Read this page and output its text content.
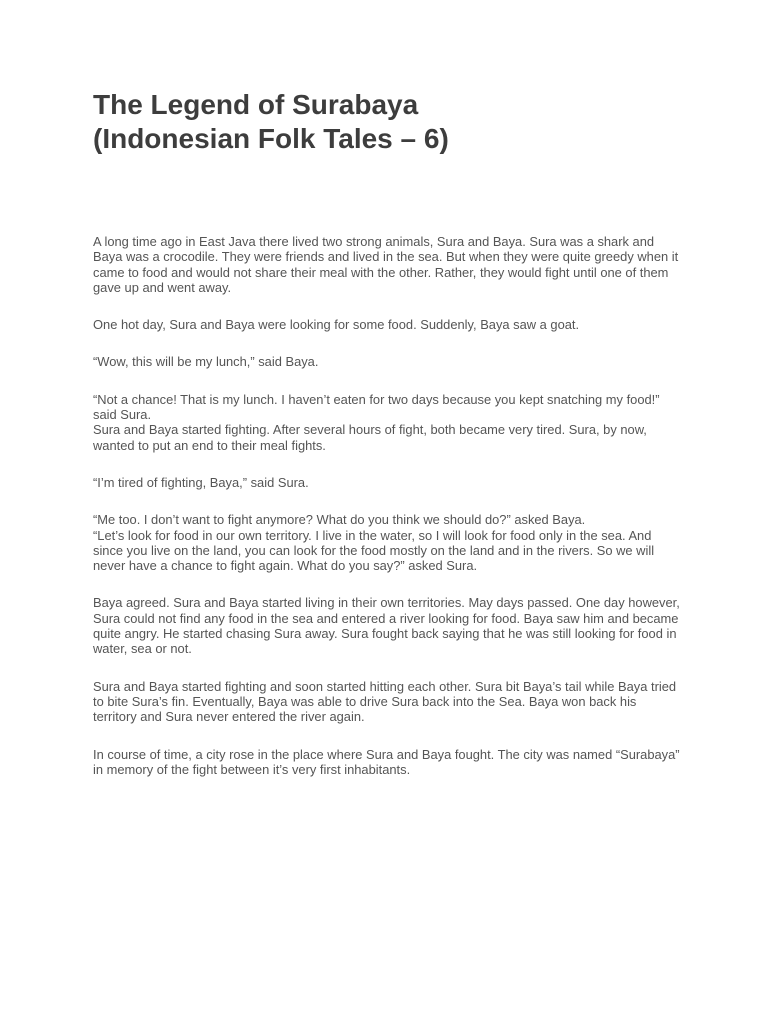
The Legend of Surabaya
(Indonesian Folk Tales – 6)

A long time ago in East Java there lived two strong animals, Sura and Baya. Sura was a shark and Baya was a crocodile. They were friends and lived in the sea. But when they were quite greedy when it came to food and would not share their meal with the other. Rather, they would fight until one of them gave up and went away.

One hot day, Sura and Baya were looking for some food. Suddenly, Baya saw a goat.

“Wow, this will be my lunch,” said Baya.

“Not a chance! That is my lunch. I haven’t eaten for two days because you kept snatching my food!” said Sura.
Sura and Baya started fighting. After several hours of fight, both became very tired. Sura, by now, wanted to put an end to their meal fights.

“I’m tired of fighting, Baya,” said Sura.

“Me too. I don’t want to fight anymore? What do you think we should do?” asked Baya.
“Let’s look for food in our own territory. I live in the water, so I will look for food only in the sea. And since you live on the land, you can look for the food mostly on the land and in the rivers. So we will never have a chance to fight again. What do you say?” asked Sura.

Baya agreed. Sura and Baya started living in their own territories. May days passed. One day however, Sura could not find any food in the sea and entered a river looking for food. Baya saw him and became quite angry. He started chasing Sura away. Sura fought back saying that he was still looking for food in water, sea or not.

Sura and Baya started fighting and soon started hitting each other. Sura bit Baya’s tail while Baya tried to bite Sura’s fin. Eventually, Baya was able to drive Sura back into the Sea. Baya won back his territory and Sura never entered the river again.

In course of time, a city rose in the place where Sura and Baya fought. The city was named “Surabaya” in memory of the fight between it’s very first inhabitants.
